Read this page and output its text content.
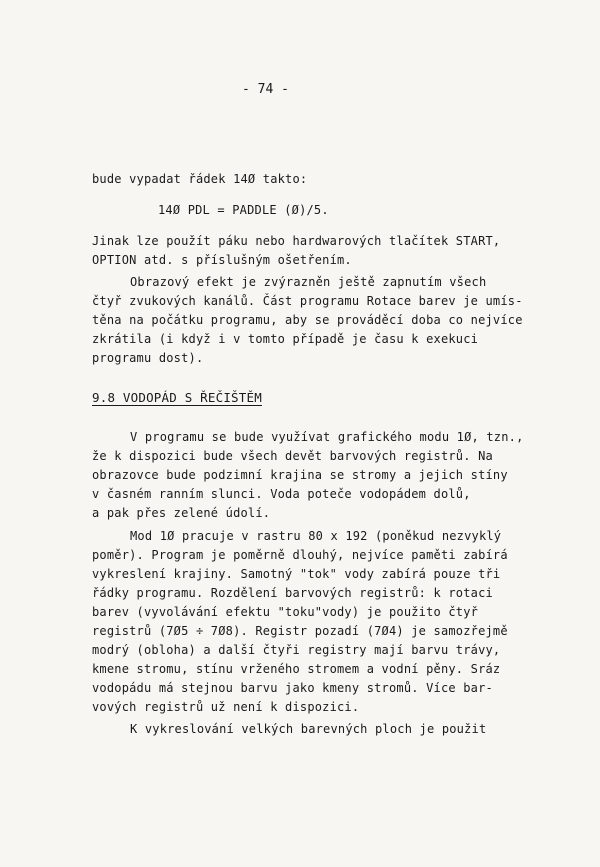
- 74 -
bude vypadat řádek 14Ø takto:
14Ø PDL = PADDLE (Ø)/5.
Jinak lze použít páku nebo hardwarových tlačítek START,
OPTION atd. s příslušným ošetřením.
Obrazový efekt je zvýrazněn ještě zapnutím všech
čtyř zvukových kanálů. Část programu Rotace barev je umís-
těna na počátku programu, aby se prováděcí doba co nejvíce
zkrátila (i když i v tomto případě je času k exekuci
programu dost).
9.8 VODOPÁD S ŘEČIŠTĚM
V programu se bude využívat grafického modu 1Ø, tzn.,
že k dispozici bude všech devět barvových registrů. Na
obrazovce bude podzimní krajina se stromy a jejich stíny
v časném ranním slunci. Voda poteče vodopádem dolů,
a pak přes zelené údolí.
Mod 1Ø pracuje v rastru 80 x 192 (poněkud nezvyklý
poměr). Program je poměrně dlouhý, nejvíce paměti zabírá
vykreslení krajiny. Samotný "tok" vody zabírá pouze tři
řádky programu. Rozdělení barvových registrů: k rotaci
barev (vyvolávání efektu "toku"vody) je použito čtyř
registrů (7Ø5 ÷ 7Ø8). Registr pozadí (7Ø4) je samozřejmě
modrý (obloha) a další čtyři registry mají barvu trávy,
kmene stromu, stínu vrženého stromem a vodní pěny. Sráz
vodopádu má stejnou barvu jako kmeny stromů. Více bar-
vových registrů už není k dispozici.
K vykreslování velkých barevných ploch je použit
